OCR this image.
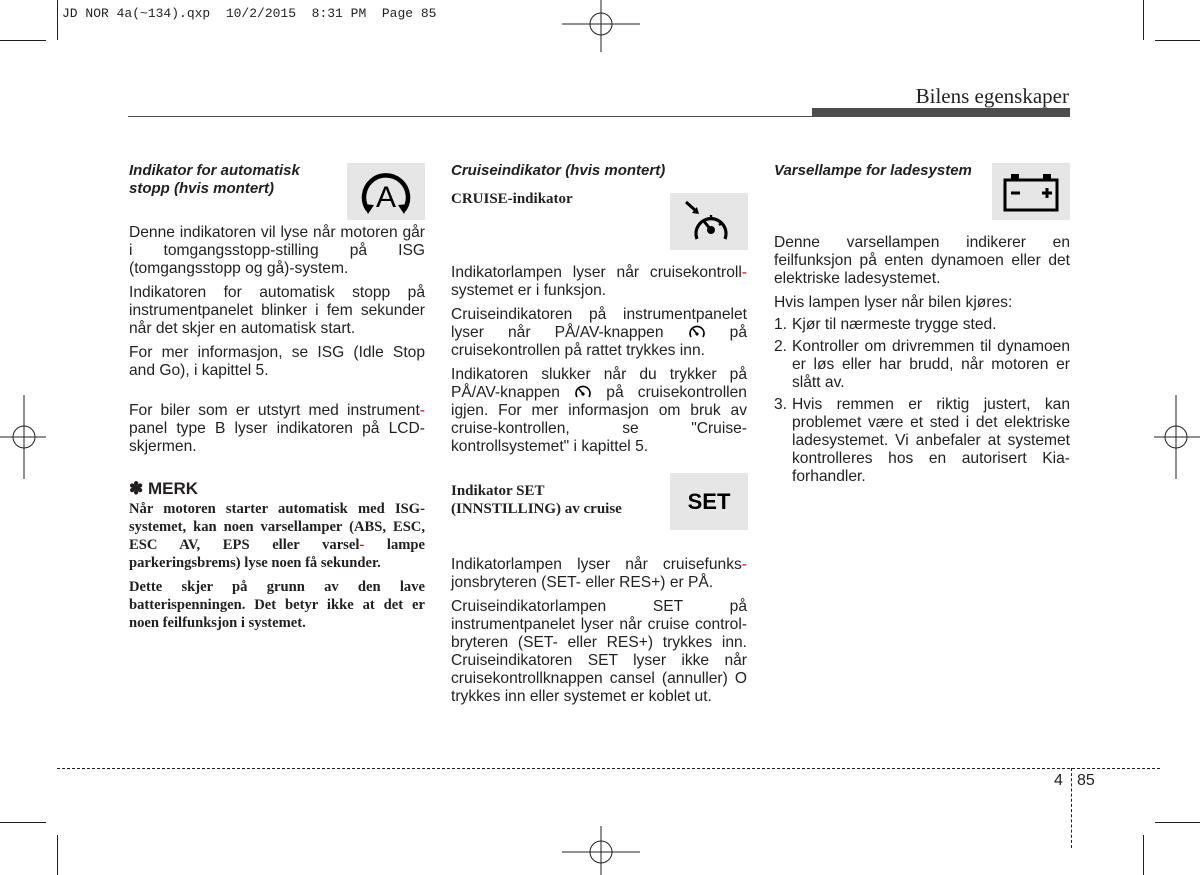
JD NOR 4a(~134).qxp  10/2/2015  8:31 PM  Page 85
Bilens egenskaper
Indikator for automatisk stopp (hvis montert)

Denne indikatoren vil lyse når motoren går i tomgangsstopp-stilling på ISG (tomgangsstopp og gå)-system.

Indikatoren for automatisk stopp på instrumentpanelet blinker i fem sekunder når det skjer en automatisk start.

For mer informasjon, se ISG (Idle Stop and Go), i kapittel 5.

For biler som er utstyrt med instrument- panel type B lyser indikatoren på LCD-skjermen.

✽ MERK

Når motoren starter automatisk med ISG-systemet, kan noen varsellamper (ABS, ESC, ESC AV, EPS eller varsel- lampe parkeringsbrems) lyse noen få sekunder.

Dette skjer på grunn av den lave batterispenningen. Det betyr ikke at det er noen feilfunksjon i systemet.

A
Cruiseindikator (hvis montert)
CRUISE-indikator

Indikatorlampen lyser når cruisekontroll- systemet er i funksjon.

Cruiseindikatoren på instrumentpanelet lyser når PÅ/AV-knappen	på cruisekontrollen på rattet trykkes inn.

Indikatoren slukker når du trykker på PÅ/AV-knappen	på cruisekontrollen igjen. For mer informasjon om bruk av cruise-kontrollen, se "Cruise-kontrollsystemet" i kapittel 5.

Indikator SET (INNSTILLING) av cruise

Indikatorlampen lyser når cruisefunks- jonsbryteren (SET- eller RES+) er PÅ.

Cruiseindikatorlampen SET på instrumentpanelet lyser når cruise control-bryteren (SET- eller RES+) trykkes inn. Cruiseindikatoren SET lyser ikke når cruisekontrollknappen cansel (annuller) O trykkes inn eller systemet er koblet ut.

SET
Varsellampe for ladesystem

Denne varsellampen indikerer en feilfunksjon på enten dynamoen eller det elektriske ladesystemet.

Hvis lampen lyser når bilen kjøres:

1. Kjør til nærmeste trygge sted.
2. Kontroller om drivremmen til dynamoen er løs eller har brudd, når motoren er slått av.
3. Hvis remmen er riktig justert, kan problemet være et sted i det elektriske ladesystemet. Vi anbefaler at systemet kontrolleres hos en autorisert Kia-forhandler.
4 85
